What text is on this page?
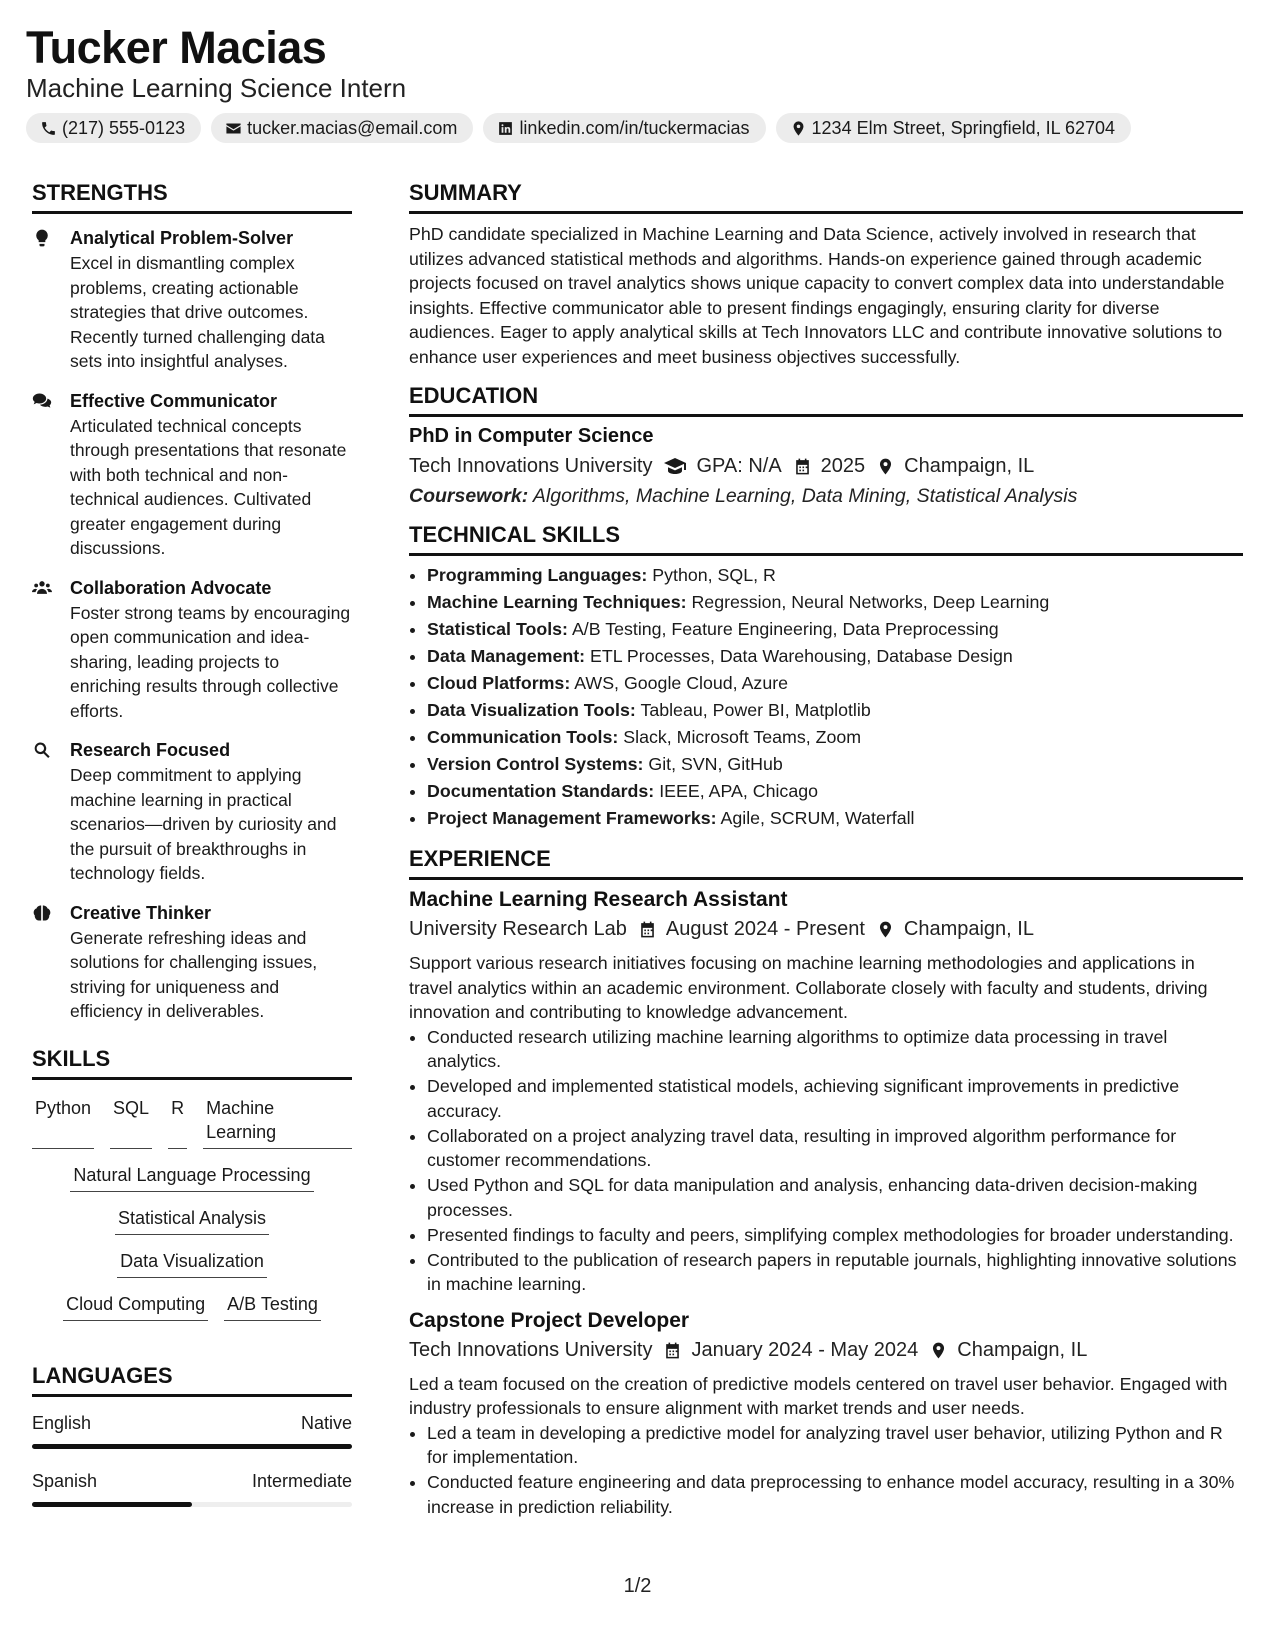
Tucker Macias
Machine Learning Science Intern
(217) 555-0123	tucker.macias@email.com	linkedin.com/in/tuckermacias	1234 Elm Street, Springfield, IL 62704
STRENGTHS
Analytical Problem-Solver
Excel in dismantling complex problems, creating actionable strategies that drive outcomes. Recently turned challenging data sets into insightful analyses.
Effective Communicator
Articulated technical concepts through presentations that resonate with both technical and non-technical audiences. Cultivated greater engagement during discussions.
Collaboration Advocate
Foster strong teams by encouraging open communication and idea-sharing, leading projects to enriching results through collective efforts.
Research Focused
Deep commitment to applying machine learning in practical scenarios—driven by curiosity and the pursuit of breakthroughs in technology fields.
Creative Thinker
Generate refreshing ideas and solutions for challenging issues, striving for uniqueness and efficiency in deliverables.
SKILLS
Python SQL R Machine Learning
Natural Language Processing
Statistical Analysis
Data Visualization
Cloud Computing A/B Testing
LANGUAGES
English	Native
Spanish	Intermediate
SUMMARY

PhD candidate specialized in Machine Learning and Data Science, actively involved in research that utilizes advanced statistical methods and algorithms. Hands-on experience gained through academic projects focused on travel analytics shows unique capacity to convert complex data into understandable insights. Effective communicator able to present findings engagingly, ensuring clarity for diverse audiences. Eager to apply analytical skills at Tech Innovators LLC and contribute innovative solutions to enhance user experiences and meet business objectives successfully.

EDUCATION
PhD in Computer Science
Tech Innovations University GPA: N/A 2025 Champaign, IL
Coursework: Algorithms, Machine Learning, Data Mining, Statistical Analysis
TECHNICAL SKILLS
• Programming Languages: Python, SQL, R
• Machine Learning Techniques: Regression, Neural Networks, Deep Learning
• Statistical Tools: A/B Testing, Feature Engineering, Data Preprocessing
• Data Management: ETL Processes, Data Warehousing, Database Design
• Cloud Platforms: AWS, Google Cloud, Azure
• Data Visualization Tools: Tableau, Power BI, Matplotlib
• Communication Tools: Slack, Microsoft Teams, Zoom
• Version Control Systems: Git, SVN, GitHub
• Documentation Standards: IEEE, APA, Chicago
• Project Management Frameworks: Agile, SCRUM, Waterfall
EXPERIENCE
Machine Learning Research Assistant
University Research Lab August 2024 - Present Champaign, IL

Support various research initiatives focusing on machine learning methodologies and applications in travel analytics within an academic environment. Collaborate closely with faculty and students, driving innovation and contributing to knowledge advancement.

• Conducted research utilizing machine learning algorithms to optimize data processing in travel analytics.
• Developed and implemented statistical models, achieving significant improvements in predictive accuracy.
• Collaborated on a project analyzing travel data, resulting in improved algorithm performance for customer recommendations.
• Used Python and SQL for data manipulation and analysis, enhancing data-driven decision-making processes.
• Presented findings to faculty and peers, simplifying complex methodologies for broader understanding.
• Contributed to the publication of research papers in reputable journals, highlighting innovative solutions in machine learning.
Capstone Project Developer
Tech Innovations University January 2024 - May 2024 Champaign, IL

Led a team focused on the creation of predictive models centered on travel user behavior. Engaged with industry professionals to ensure alignment with market trends and user needs.

• Led a team in developing a predictive model for analyzing travel user behavior, utilizing Python and R for implementation.
• Conducted feature engineering and data preprocessing to enhance model accuracy, resulting in a 30% increase in prediction reliability.
1/2
